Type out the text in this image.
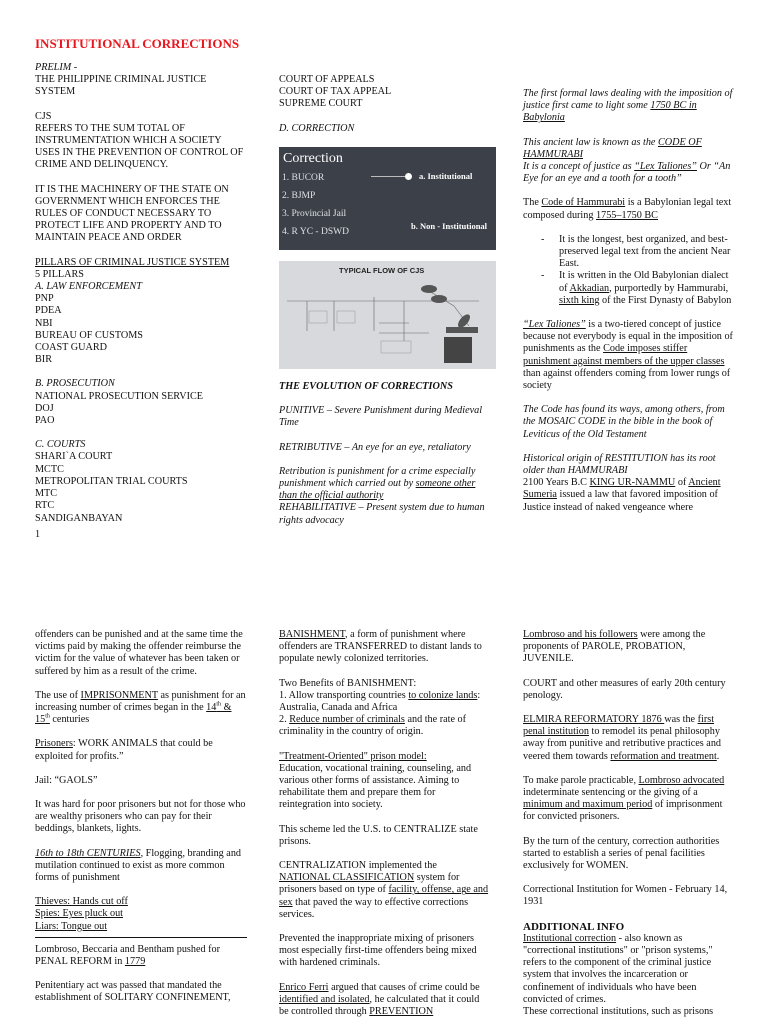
INSTITUTIONAL CORRECTIONS
PRELIM -

THE PHILIPPINE CRIMINAL JUSTICE SYSTEM

CJS

REFERS TO THE SUM TOTAL OF INSTRUMENTATION WHICH A SOCIETY USES IN THE PREVENTION OF CONTROL OF CRIME AND DELINQUENCY.

IT IS THE MACHINERY OF THE STATE ON GOVERNMENT WHICH ENFORCES THE RULES OF CONDUCT NECESSARY TO PROTECT LIFE AND PROPERTY AND TO MAINTAIN PEACE AND ORDER

PILLARS OF CRIMINAL JUSTICE SYSTEM
5 PILLARS
A. LAW ENFORCEMENT
PNP
PDEA
NBI
BUREAU OF CUSTOMS
COAST GUARD
BIR
B. PROSECUTION
NATIONAL PROSECUTION SERVICE
DOJ
PAO
C. COURTS
SHARI`A COURT
MCTC
METROPOLITAN TRIAL COURTS
MTC
RTC
SANDIGANBAYAN
1
COURT OF APPEALS
COURT OF TAX APPEAL
SUPREME COURT
D. CORRECTION
Correction
1. BUCOR
2. BJMP
3. Provincial Jail
4. R YC - DSWD
a. Institutional
b. Non - Institutional
TYPICAL FLOW OF CJS

THE EVOLUTION OF CORRECTIONS

PUNITIVE – Severe Punishment during Medieval Time

RETRIBUTIVE – An eye for an eye, retaliatory

Retribution is punishment for a crime especially punishment which carried out by someone other than the official authority
REHABILITATIVE – Present system due to human rights advocacy

The first formal laws dealing with the imposition of justice first came to light some 1750 BC in Babylonia

This ancient law is known as the CODE OF HAMMURABI
It is a concept of justice as “Lex Taliones” Or “An Eye for an eye and a tooth for a tooth”

The Code of Hammurabi is a Babylonian legal text composed during 1755–1750 BC

- It is the longest, best organized, and best-preserved legal text from the ancient Near East.
- It is written in the Old Babylonian dialect of Akkadian, purportedly by Hammurabi, sixth king of the First Dynasty of Babylon

“Lex Taliones” is a two-tiered concept of justice because not everybody is equal in the imposition of punishments as the Code imposes stiffer punishment against members of the upper classes than against offenders coming from lower rungs of society

The Code has found its ways, among others, from the MOSAIC CODE in the bible in the book of Leviticus of the Old Testament

Historical origin of RESTITUTION has its root older than HAMMURABI
2100 Years B.C KING UR-NAMMU of Ancient Sumeria issued a law that favored imposition of Justice instead of naked vengeance where

offenders can be punished and at the same time the victims paid by making the offender reimburse the victim for the value of whatever has been taken or suffered by him as a result of the crime.

The use of IMPRISONMENT as punishment for an increasing number of crimes began in the 14th & 15th centuries

Prisoners: WORK ANIMALS that could be exploited for profits.”

Jail: “GAOLS”

It was hard for poor prisoners but not for those who are wealthy prisoners who can pay for their beddings, blankets, lights.

16th to 18th CENTURIES, Flogging, branding and mutilation continued to exist as more common forms of punishment

Thieves: Hands cut off
Spies: Eyes pluck out
Liars: Tongue out

Lombroso, Beccaria and Bentham pushed for PENAL REFORM in 1779

Penitentiary act was passed that mandated the establishment of SOLITARY CONFINEMENT,

BANISHMENT, a form of punishment where offenders are TRANSFERRED to distant lands to populate newly colonized territories.

Two Benefits of BANISHMENT:
1. Allow transporting countries to colonize lands: Australia, Canada and Africa

2. Reduce number of criminals and the rate of criminality in the country of origin.

"Treatment-Oriented" prison model:

Education, vocational training, counseling, and various other forms of assistance. Aiming to rehabilitate them and prepare them for reintegration into society.

This scheme led the U.S. to CENTRALIZE state prisons.

CENTRALIZATION implemented the NATIONAL CLASSIFICATION system for prisoners based on type of facility, offense, age and sex that paved the way to effective corrections services.

Prevented the inappropriate mixing of prisoners most especially first-time offenders being mixed with hardened criminals.

Enrico Ferri argued that causes of crime could be identified and isolated, he calculated that it could be controlled through PREVENTION
Lombroso and his followers were among the proponents of PAROLE, PROBATION, JUVENILE.

COURT and other measures of early 20th century penology.

ELMIRA REFORMATORY 1876 was the first penal institution to remodel its penal philosophy away from punitive and retributive practices and veered them towards reformation and treatment.

To make parole practicable, Lombroso advocated indeterminate sentencing or the giving of a minimum and maximum period of imprisonment for convicted prisoners.

By the turn of the century, correction authorities started to establish a series of penal facilities exclusively for WOMEN.

Correctional Institution for Women - February 14, 1931

ADDITIONAL INFO
Institutional correction - also known as "correctional institutions" or "prison systems," refers to the component of the criminal justice system that involves the incarceration or confinement of individuals who have been convicted of crimes.
These correctional institutions, such as prisons
